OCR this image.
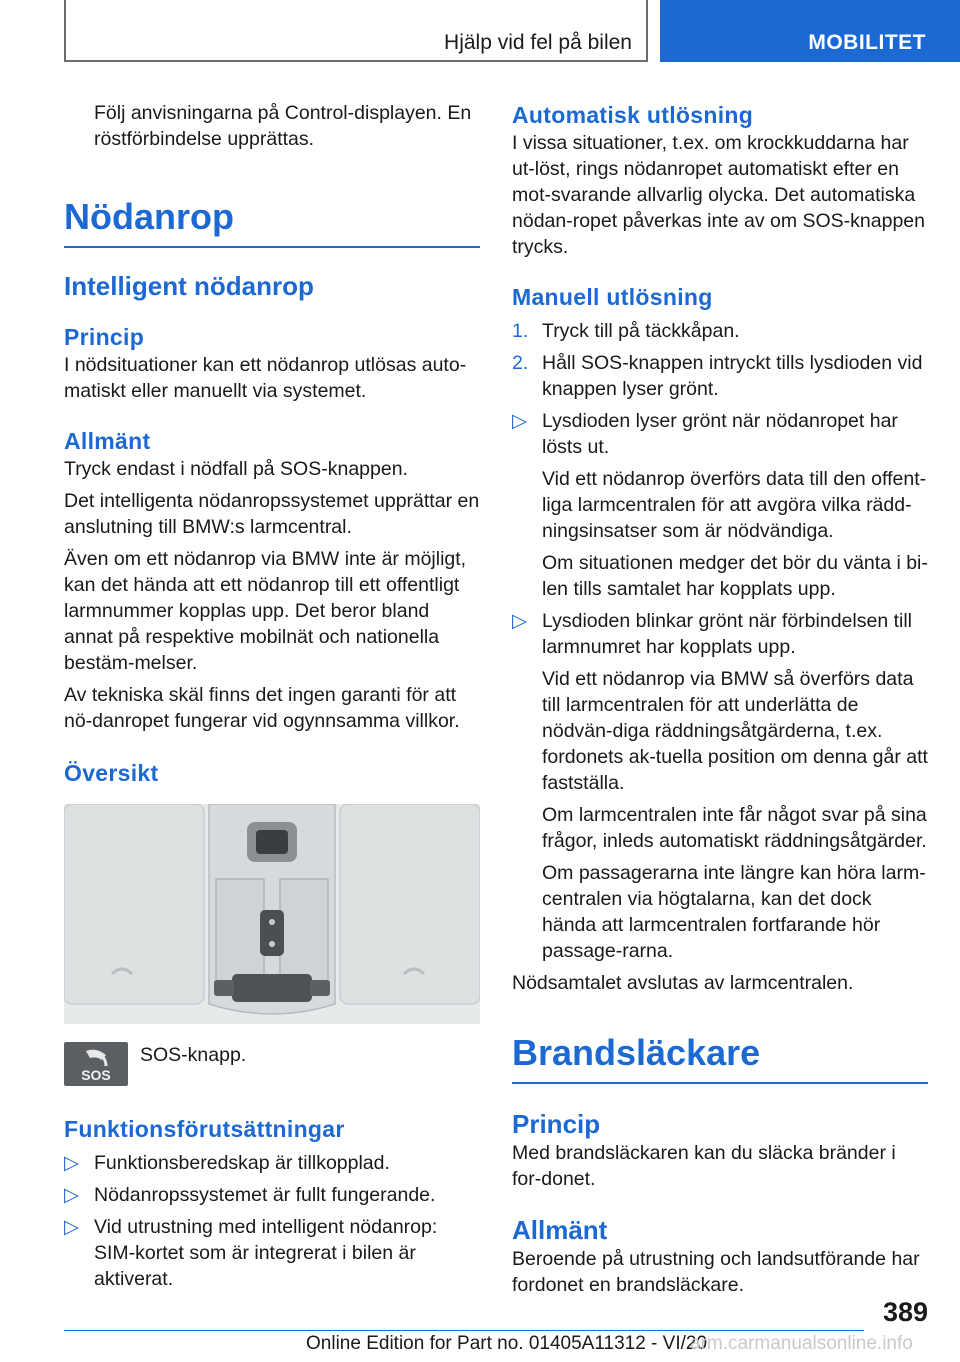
Hjälp vid fel på bilen	MOBILITET

Följ anvisningarna på Control-displayen. En röstförbindelse upprättas.

Nödanrop
Intelligent nödanrop
Princip

I nödsituationer kan ett nödanrop utlösas auto-matiskt eller manuellt via systemet.

Allmänt

Tryck endast i nödfall på SOS-knappen.

Det intelligenta nödanropssystemet upprättar en anslutning till BMW:s larmcentral.

Även om ett nödanrop via BMW inte är möjligt, kan det hända att ett nödanrop till ett offentligt larmnummer kopplas upp. Det beror bland annat på respektive mobilnät och nationella bestäm-melser.

Av tekniska skäl finns det ingen garanti för att nö-danropet fungerar vid ogynnsamma villkor.

Översikt
SOS

SOS-knapp.

Funktionsförutsättningar
▷ Funktionsberedskap är tillkopplad.
▷ Nödanropssystemet är fullt fungerande.
▷ Vid utrustning med intelligent nödanrop: SIM-kortet som är integrerat i bilen är aktiverat.
Automatisk utlösning

I vissa situationer, t.ex. om krockkuddarna har ut-löst, rings nödanropet automatiskt efter en mot-svarande allvarlig olycka. Det automatiska nödan-ropet påverkas inte av om SOS-knappen trycks.

Manuell utlösning
1. Tryck till på täckkåpan.
2. Håll SOS-knappen intryckt tills lysdioden vid knappen lyser grönt.
▷ Lysdioden lyser grönt när nödanropet har lösts ut.

Vid ett nödanrop överförs data till den offent-liga larmcentralen för att avgöra vilka rädd-ningsinsatser som är nödvändiga.

Om situationen medger det bör du vänta i bi-len tills samtalet har kopplats upp.

▷ Lysdioden blinkar grönt när förbindelsen till larmnumret har kopplats upp.

Vid ett nödanrop via BMW så överförs data till larmcentralen för att underlätta de nödvän-diga räddningsåtgärderna, t.ex. fordonets ak-tuella position om denna går att fastställa.

Om larmcentralen inte får något svar på sina frågor, inleds automatiskt räddningsåtgärder.

Om passagerarna inte längre kan höra larm-centralen via högtalarna, kan det dock hända att larmcentralen fortfarande hör passage-rarna.

Nödsamtalet avslutas av larmcentralen.

Brandsläckare
Princip

Med brandsläckaren kan du släcka bränder i for-donet.

Allmänt

Beroende på utrustning och landsutförande har fordonet en brandsläckare.

389
Online Edition for Part no. 01405A11312 - VI/20
arm.carmanualsonline.info
